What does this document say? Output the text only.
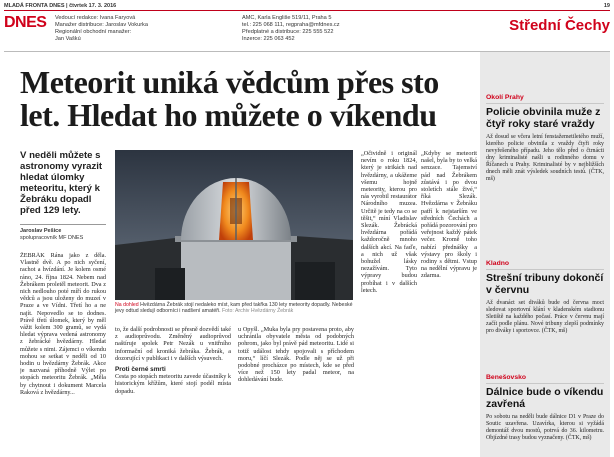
MLADÁ FRONTA DNES | čtvrtek 17. 3. 2016	19
DNES Vedoucí redakce: Ivana Faryová
Manažer distribuce: Jaroslav Vokurka
Regionální obchodní manažer:
Jan Vaškú
AMC, Karla Engliše 519/11, Praha 5
tel.: 225 068 111, regpraha@mfdnes.cz
Předplatné a distribuce: 225 555 522
Inzerce: 225 063 452
Střední Čechy
Meteorit uniká vědcům přes sto let. Hledat ho můžete o víkendu

V neděli můžete s astronomy vyrazit hledat úlomky meteoritu, který k Žebráku dopadl před 129 lety.

Jaroslav Pešice
spolupracovník MF DNES
ŽEBRÁK Rána jako z děla. Vlastně dvě. A po nich syčení, rachot a hvízdání. Je kolem osmé ráno, 24. října 1824. Nebem nad Žebrákem proletěl meteorit. Dva z nich nedlouho poté míří do rukou vědců a jsou uloženy do muzeí v Praze a ve Vídni. Třetí ho a ne najít. Nepovedlo se to dodnes. Právě třetí úlomek, který by měl vážit kolem 300 gramů, se vydá hledat výprava vedená astronomy z žebrácké hvězdárny. Hledat můžete s nimi. Zájemci o víkendu mohou se setkat v neděli od 10 hodin u hvězdárny Žebrák. Akce je nazvaná příhodně Výlet po stopách meteoritu Žebrák. „Měla by chytnout i dokument Marcela Raková z hvězdárny...
Na dohled Hvězdárna Žebrák stojí nedaleko míst, kam před takřka 130 lety meteority dopadly. Nebeské jevy odtud sledují odborníci i nadšení amatéři. Foto: Archiv Hvězdárny Žebrák
to, že další podrobnosti se přesně dozvědí také z audioprůvodu. Změněný audioprůvod naštíruje spolek Petr Nezák u vnitřního informační od kroniká žebráka. Žebrák, a dozorující v publikaci i v dalších výsuvech.
Proti černé smrti
Cesta po stopách meteoritu zavede účastníky k historickým křížům, které stojí podél místa dopadu.
u Opyšl. „Muka byla pry postavena proto, aby uchránila obyvatele města od podobných pohrom, jako byl právě pád meteoritu. Lidé si totiž událost tehdy spojovali s příchodem moru,“ líčí Slezák. Podle něj se už při podobné procházce po místech, kde se před více než 150 lety padal meteor, na dohledávání bude.
„Očividně i originál nevím o roku 1824, který je strikách nad hvězdárny, a ukážeme všemu hojně meteority, kterou pro nás vyrobil restaurátor Národního muzea. Určitě je tedy na co se těšit,“ míní Vladislav Slezák. Žebrácká hvězdárna pořádá každoročně mnoho dalších akcí. Na faďe, a nich už však bohužel lásky nezažívám. Tyto výpravy budou probíhat i v dalších letech.
„Kdyby se meteorit našel, byla by to velká senzace. Tajemství pád nad Žebrákem zůstává i po dvou stoletích stále živé,“ říká Slezák. Hvězdárna v Žebráku patří k nejstarším ve středních Čechách a pořádá pozorování pro veřejnost každý pátek večer. Kromě toho nabízí přednášky a výstavy pro školy i rodiny s dětmi. Vstup na nedělní výpravu je zdarma.
Okolí Prahy
Policie obvinila muže z čtyř roky staré vraždy
Až dosud se včera letní fenstažemetiletého muží, kterého policie obvinila z vraždy čtyři roky nevyřešeného případu. Jeho tělo před o čtrnácti dny kriminalisté našli u rodinného domu v Říčanech u Prahy. Kriminalisté by v nejbližších dnech měli znát výsledek soudních testů. (ČTK, mš)
Kladno
Strešní tribuny dokončí v červnu
Až dvanáct set diváků bude od června moct sledovat sportovní klání v kladenském stadionu Sletiště na každého počasí. Práce v červnu mají začít podle plánu. Nové tribuny zlepší podmínky pro diváky i sportovce. (ČTK, mš)
Benešovsko
Dálnice bude o víkendu zavřená
Po sobotu na neděli bude dálnice D1 v Praze do Soutic uzavřena. Uzavírka, kterou si vyžádá demontáž dvou mostů, potrvá do 36. kilometru. Objízdné trasy budou vyznačeny. (ČTK, mš)
